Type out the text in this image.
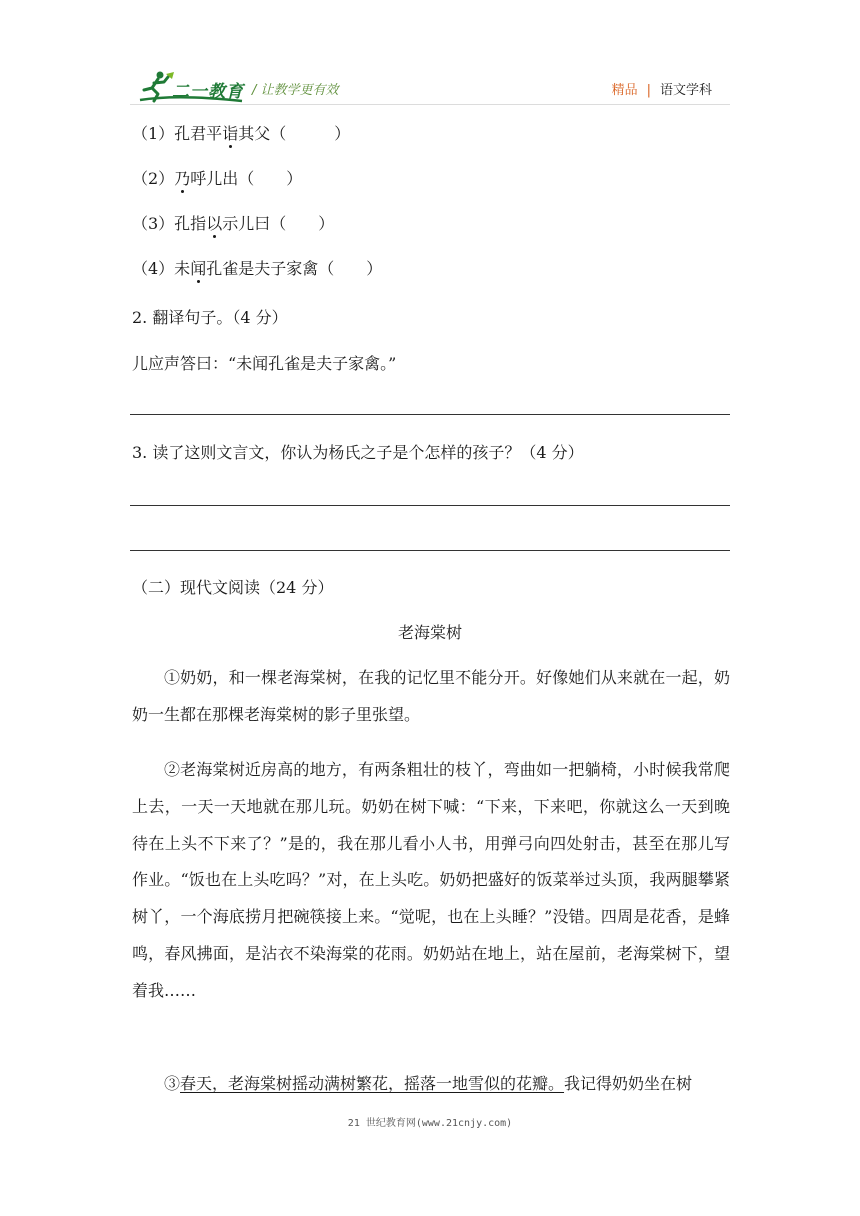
二一教育 / 让教学更有效	精品 | 语文学科
（1）孔君平诣其父（　　　）
（2）乃呼儿出（　　）
（3）孔指以示儿曰（　　）
（4）未闻孔雀是夫子家禽（　　）
2. 翻译句子。（4 分）
儿应声答曰：“未闻孔雀是夫子家禽。”
3. 读了这则文言文，你认为杨氏之子是个怎样的孩子？（4 分）
（二）现代文阅读（24 分）
老海棠树
①奶奶，和一棵老海棠树，在我的记忆里不能分开。好像她们从来就在一起，奶奶一生都在那棵老海棠树的影子里张望。
②老海棠树近房高的地方，有两条粗壮的枝丫，弯曲如一把躺椅，小时候我常爬上去，一天一天地就在那儿玩。奶奶在树下喊：“下来，下来吧，你就这么一天到晚待在上头不下来了？”是的，我在那儿看小人书，用弹弓向四处射击，甚至在那儿写作业。“饭也在上头吃吗？”对，在上头吃。奶奶把盛好的饭菜举过头顶，我两腿攀紧树丫，一个海底捞月把碗筷接上来。“觉呢，也在上头睡？”没错。四周是花香，是蜂鸣，春风拂面，是沾衣不染海棠的花雨。奶奶站在地上，站在屋前，老海棠树下，望着我……
③春天，老海棠树摇动满树繁花，摇落一地雪似的花瓣。我记得奶奶坐在树
21 世纪教育网(www.21cnjy.com)
